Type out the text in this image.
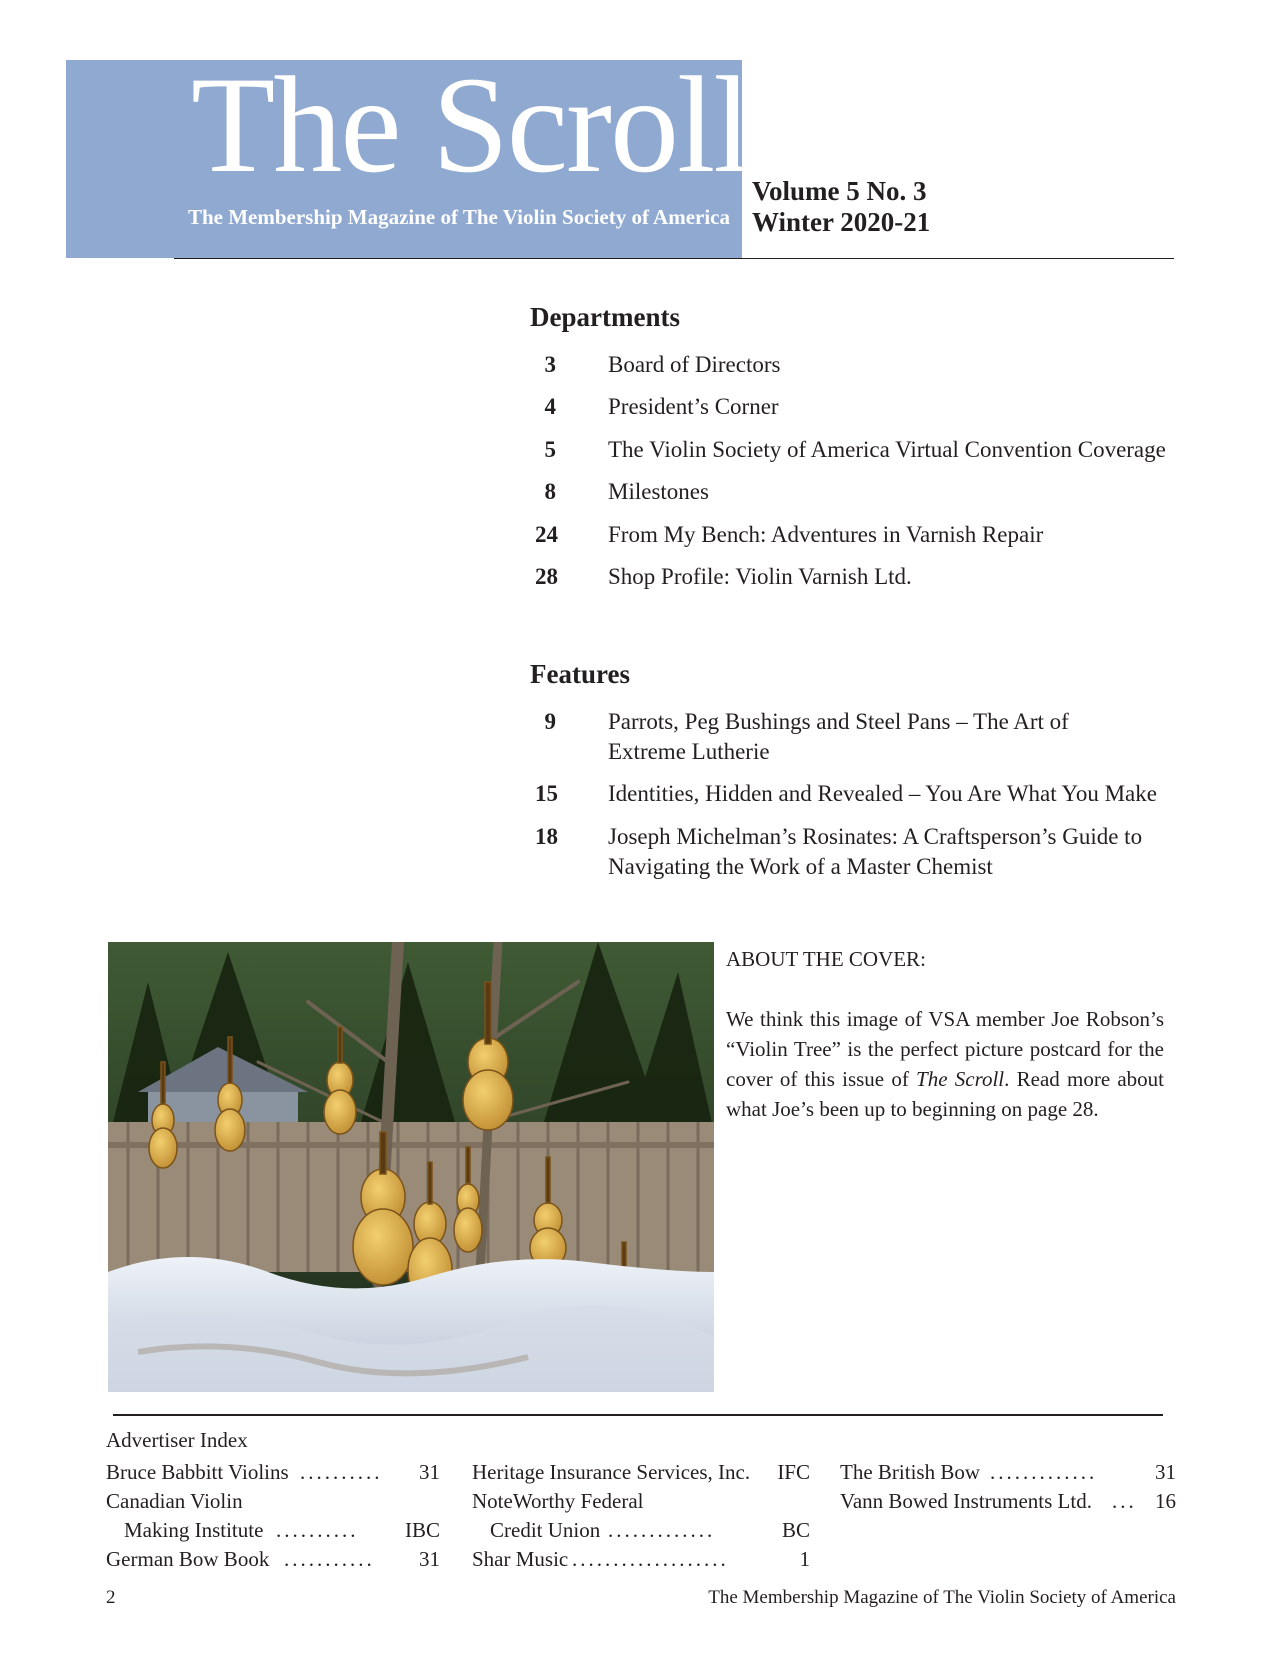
The Scroll
The Membership Magazine of The Violin Society of America
Volume 5 No. 3
Winter 2020-21
Departments
3 Board of Directors
4 President’s Corner
5 The Violin Society of America Virtual Convention Coverage
8 Milestones
24 From My Bench: Adventures in Varnish Repair
28 Shop Profile: Violin Varnish Ltd.
Features
9 Parrots, Peg Bushings and Steel Pans – The Art of
Extreme Lutherie
15 Identities, Hidden and Revealed – You Are What You Make
18 Joseph Michelman’s Rosinates: A Craftsperson’s Guide to
Navigating the Work of a Master Chemist

ABOUT THE COVER:

We think this image of VSA member Joe Robson’s “Violin Tree” is the perfect picture postcard for the cover of this issue of The Scroll. Read more about what Joe’s been up to beginning on page 28.

Advertiser Index
Bruce Babbitt Violins .......... 31
Canadian Violin
Making Institute .......... IBC
German Bow Book ........... 31
Heritage Insurance Services, Inc. IFC
NoteWorthy Federal
Credit Union .............	BC
Shar Music ...................	1
The British Bow .............	31
Vann Bowed Instruments Ltd. ... 16
2	The Membership Magazine of The Violin Society of America
